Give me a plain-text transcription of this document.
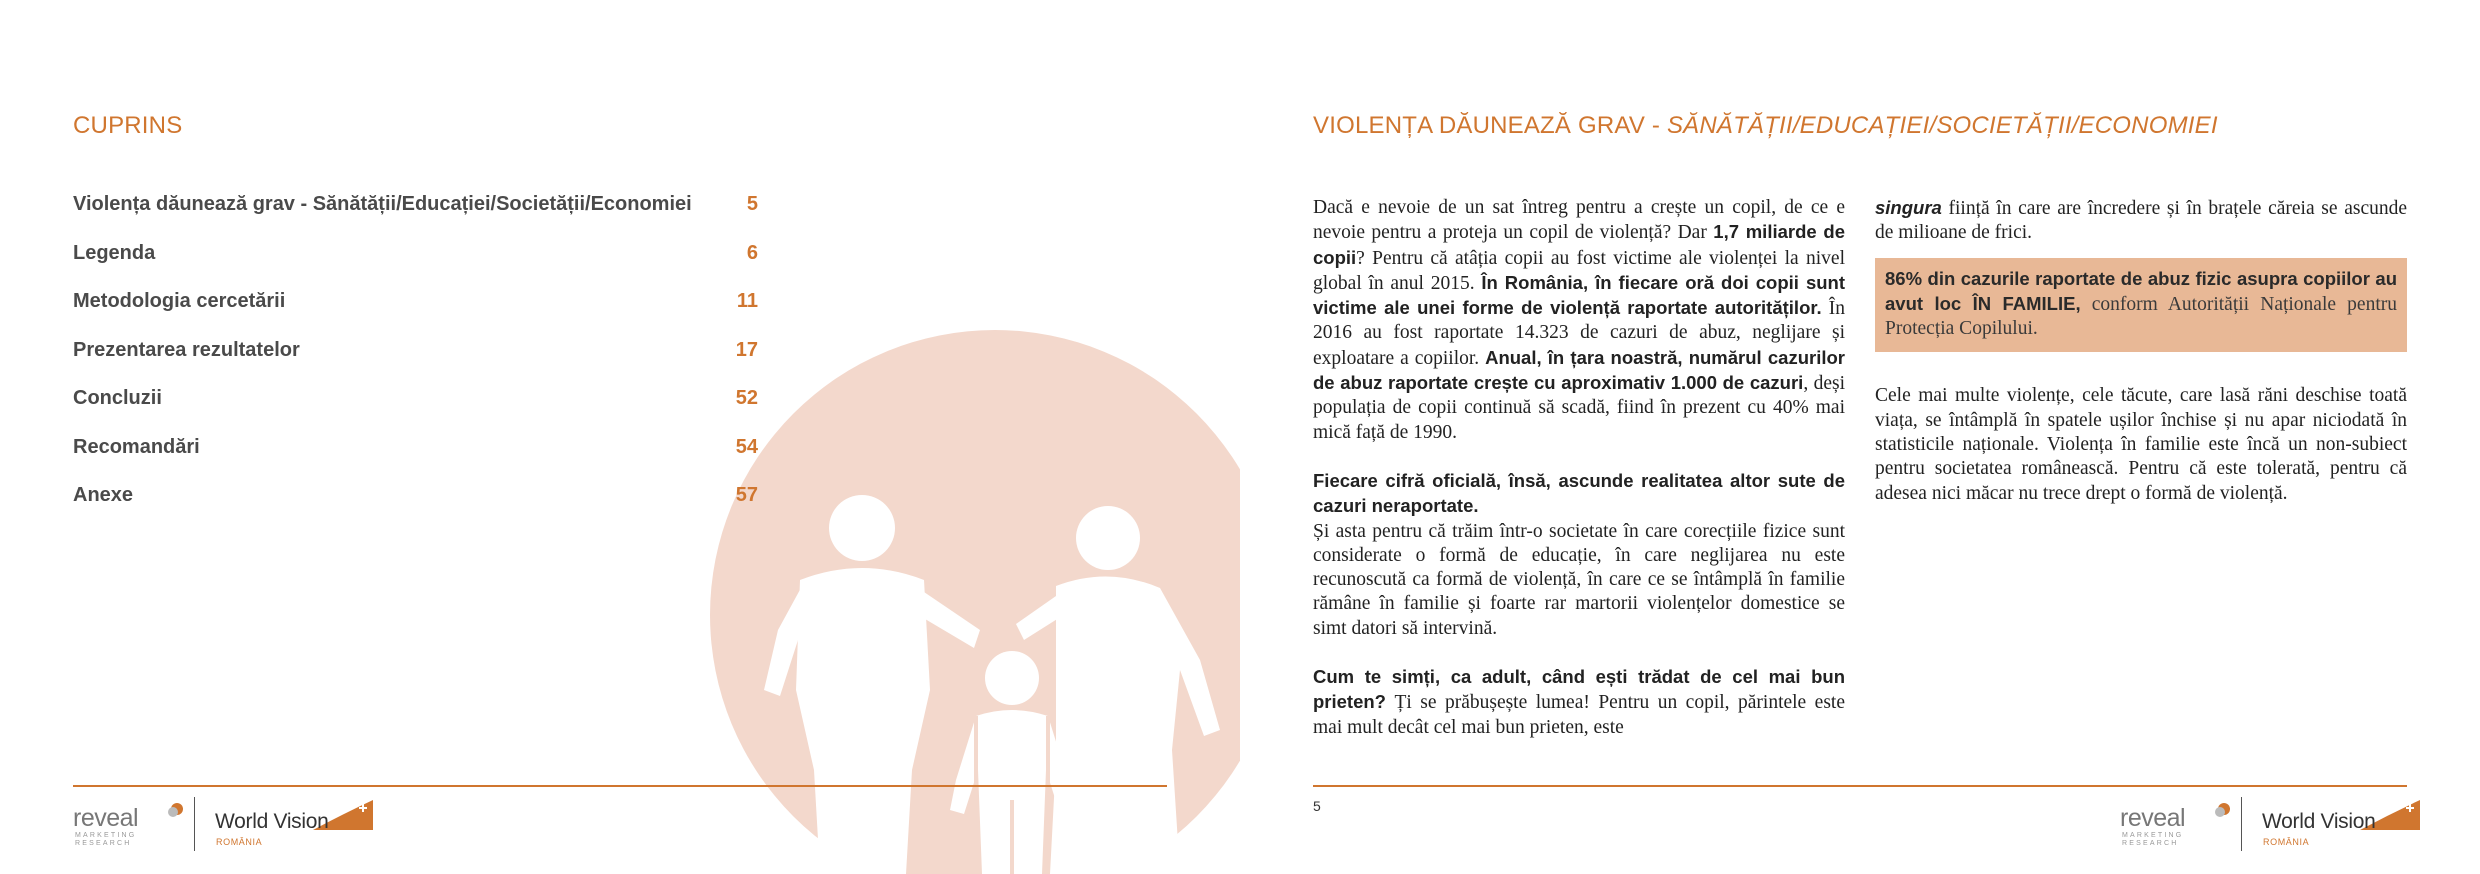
CUPRINS
Violența dăunează grav - Sănătății/Educației/Societății/Economiei	5
Legenda	6
Metodologia cercetării	11
Prezentarea rezultatelor	17
Concluzii	52
Recomandări	54
Anexe	57
reveal
MARKETING
RESEARCH
World Vision
ROMÂNIA
VIOLENȚA DĂUNEAZĂ GRAV - SĂNĂTĂȚII/EDUCAȚIEI/SOCIETĂȚII/ECONOMIEI

Dacă e nevoie de un sat întreg pentru a crește un copil, de ce e nevoie pentru a proteja un copil de violență? Dar 1,7 miliarde de copii? Pentru că atâția copii au fost victime ale violenței la nivel global în anul 2015. În România, în fiecare oră doi copii sunt victime ale unei forme de violență raportate autorităților. În 2016 au fost raportate 14.323 de cazuri de abuz, neglijare și exploatare a copiilor. Anual, în țara noastră, numărul cazurilor de abuz raportate crește cu aproximativ 1.000 de cazuri, deși populația de copii continuă să scadă, fiind în prezent cu 40% mai mică față de 1990.

Fiecare cifră oficială, însă, ascunde realitatea altor sute de cazuri neraportate.
Și asta pentru că trăim într-o societate în care corecțiile fizice sunt considerate o formă de educație, în care neglijarea nu este recunoscută ca formă de violență, în care ce se întâmplă în familie rămâne în familie și foarte rar martorii violențelor domestice se simt datori să intervină.

Cum te simți, ca adult, când ești trădat de cel mai bun prieten? Ți se prăbușește lumea! Pentru un copil, părintele este mai mult decât cel mai bun prieten, este

singura ființă în care are încredere și în brațele căreia se ascunde de milioane de frici.

86% din cazurile raportate de abuz fizic asupra copiilor au avut loc ÎN FAMILIE, conform Autorității Naționale pentru Protecția Copilului.

Cele mai multe violențe, cele tăcute, care lasă răni deschise toată viața, se întâmplă în spatele ușilor închise și nu apar niciodată în statisticile naționale. Violența în familie este încă un non-subiect pentru societatea românească. Pentru că este tolerată, pentru că adesea nici măcar nu trece drept o formă de violență.

5	reveal
MARKETING
RESEARCH
World Vision
ROMÂNIA
